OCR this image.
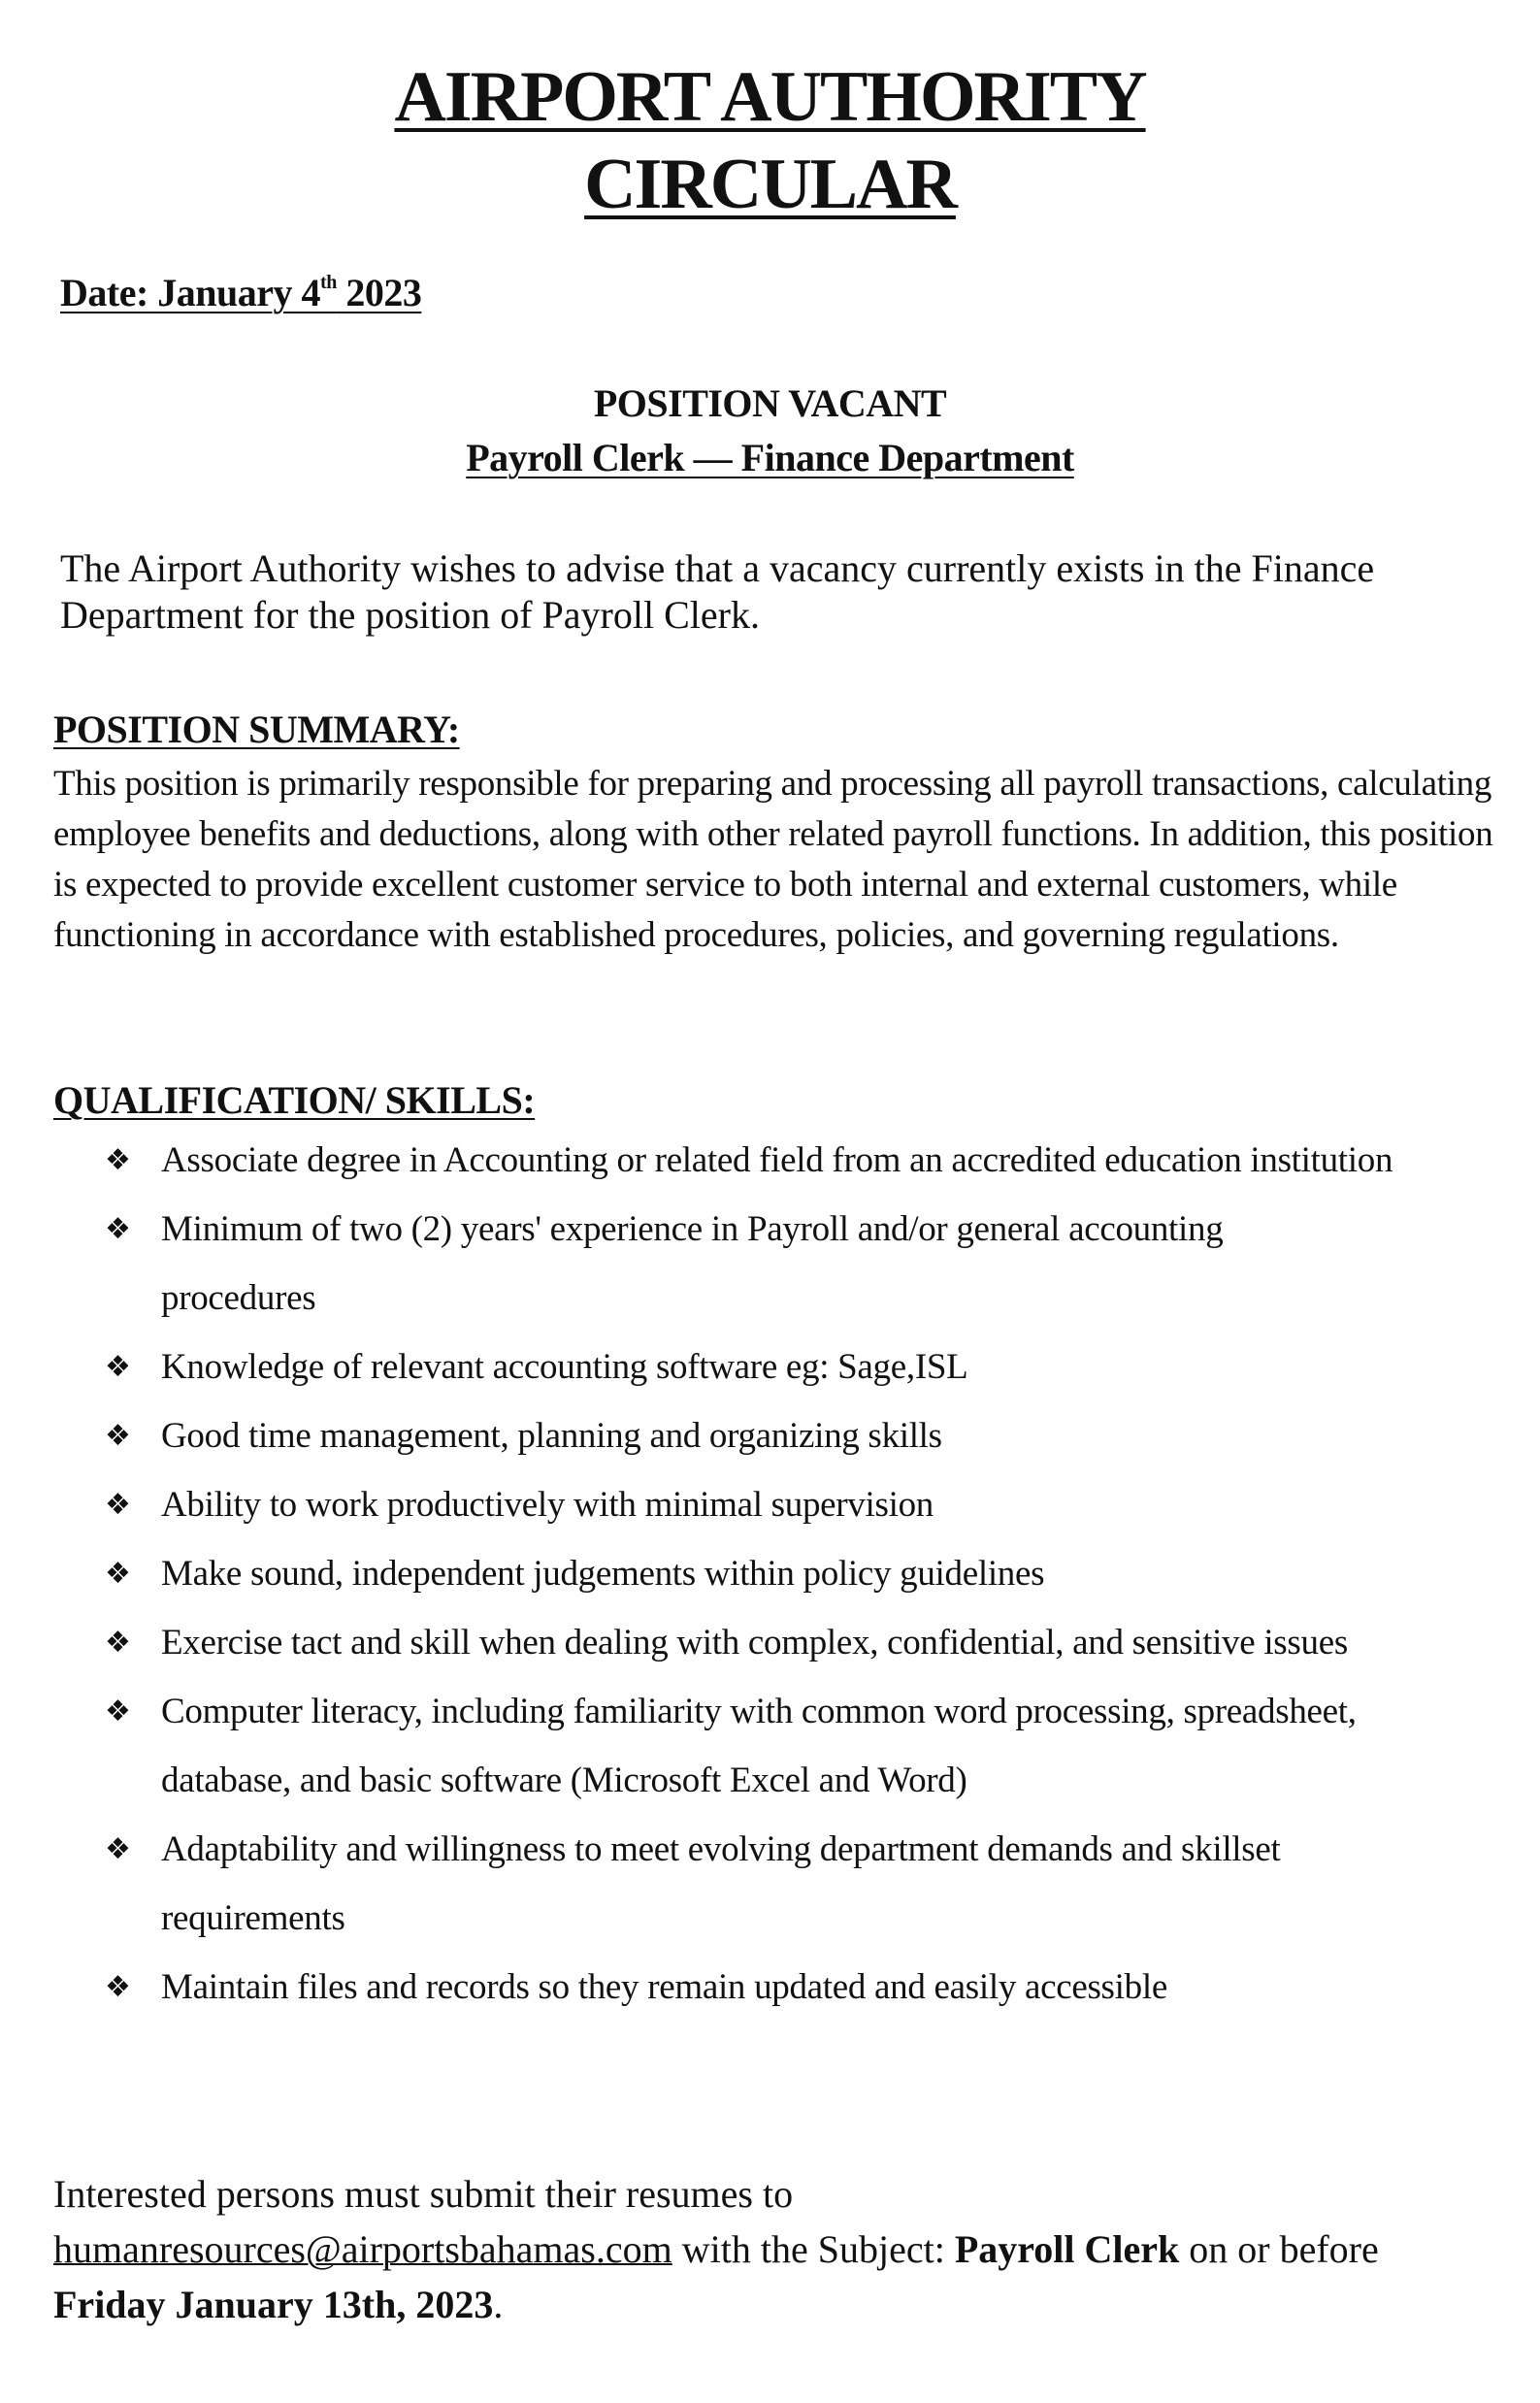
AIRPORT AUTHORITY
CIRCULAR
Date: January 4th 2023
POSITION VACANT
Payroll Clerk — Finance Department
The Airport Authority wishes to advise that a vacancy currently exists in the Finance Department for the position of Payroll Clerk.
POSITION SUMMARY:
This position is primarily responsible for preparing and processing all payroll transactions, calculating employee benefits and deductions, along with other related payroll functions. In addition, this position is expected to provide excellent customer service to both internal and external customers, while functioning in accordance with established procedures, policies, and governing regulations.
QUALIFICATION/ SKILLS:
❖ Associate degree in Accounting or related field from an accredited education institution
❖ Minimum of two (2) years' experience in Payroll and/or general accounting procedures
❖ Knowledge of relevant accounting software eg: Sage,ISL
❖ Good time management, planning and organizing skills
❖ Ability to work productively with minimal supervision
❖ Make sound, independent judgements within policy guidelines
❖ Exercise tact and skill when dealing with complex, confidential, and sensitive issues
❖ Computer literacy, including familiarity with common word processing, spreadsheet, database, and basic software (Microsoft Excel and Word)
❖ Adaptability and willingness to meet evolving department demands and skillset requirements
❖ Maintain files and records so they remain updated and easily accessible
Interested persons must submit their resumes to
humanresources@airportsbahamas.com with the Subject: Payroll Clerk on or before Friday January 13th, 2023.
